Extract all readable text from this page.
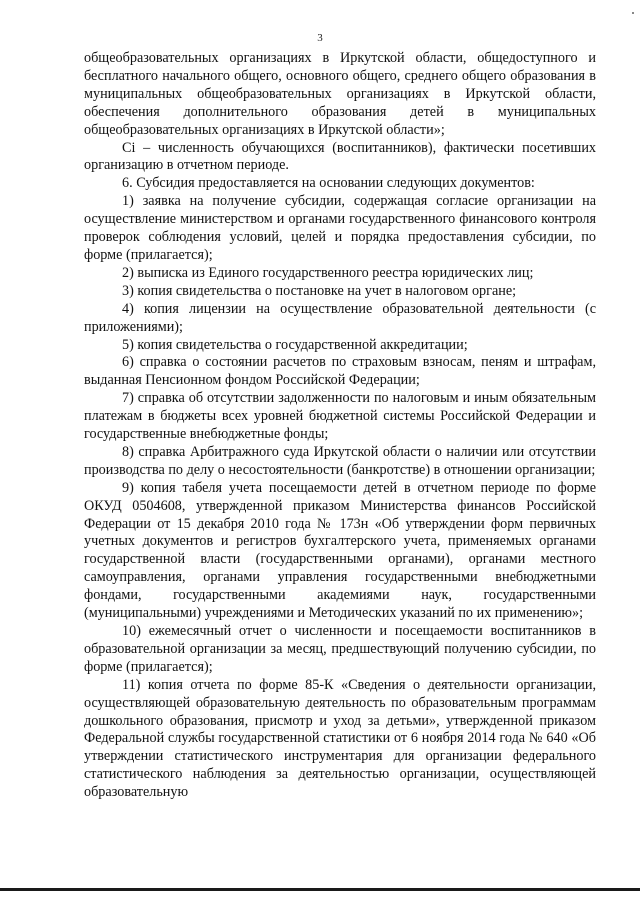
3

общеобразовательных организациях в Иркутской области, общедоступного и бесплатного начального общего, основного общего, среднего общего образования в муниципальных общеобразовательных организациях в Иркутской области, обеспечения дополнительного образования детей в муниципальных общеобразовательных организациях в Иркутской области»;

Ci – численность обучающихся (воспитанников), фактически посетивших организацию в отчетном периоде.

6. Субсидия предоставляется на основании следующих документов:

1) заявка на получение субсидии, содержащая согласие организации на осуществление министерством и органами государственного финансового контроля проверок соблюдения условий, целей и порядка предоставления субсидии, по форме (прилагается);

2) выписка из Единого государственного реестра юридических лиц;

3) копия свидетельства о постановке на учет в налоговом органе;

4) копия лицензии на осуществление образовательной деятельности (с приложениями);

5) копия свидетельства о государственной аккредитации;

6) справка о состоянии расчетов по страховым взносам, пеням и штрафам, выданная Пенсионном фондом Российской Федерации;

7) справка об отсутствии задолженности по налоговым и иным обязательным платежам в бюджеты всех уровней бюджетной системы Российской Федерации и государственные внебюджетные фонды;

8) справка Арбитражного суда Иркутской области о наличии или отсутствии производства по делу о несостоятельности (банкротстве) в отношении организации;

9) копия табеля учета посещаемости детей в отчетном периоде по форме ОКУД 0504608, утвержденной приказом Министерства финансов Российской Федерации от 15 декабря 2010 года № 173н «Об утверждении форм первичных учетных документов и регистров бухгалтерского учета, применяемых органами государственной власти (государственными органами), органами местного самоуправления, органами управления государственными внебюджетными фондами, государственными академиями наук, государственными (муниципальными) учреждениями и Методических указаний по их применению»;

10) ежемесячный отчет о численности и посещаемости воспитанников в образовательной организации за месяц, предшествующий получению субсидии, по форме (прилагается);

11) копия отчета по форме 85-К «Сведения о деятельности организации, осуществляющей образовательную деятельность по образовательным программам дошкольного образования, присмотр и уход за детьми», утвержденной приказом Федеральной службы государственной статистики от 6 ноября 2014 года № 640 «Об утверждении статистического инструментария для организации федерального статистического наблюдения за деятельностью организации, осуществляющей образовательную
